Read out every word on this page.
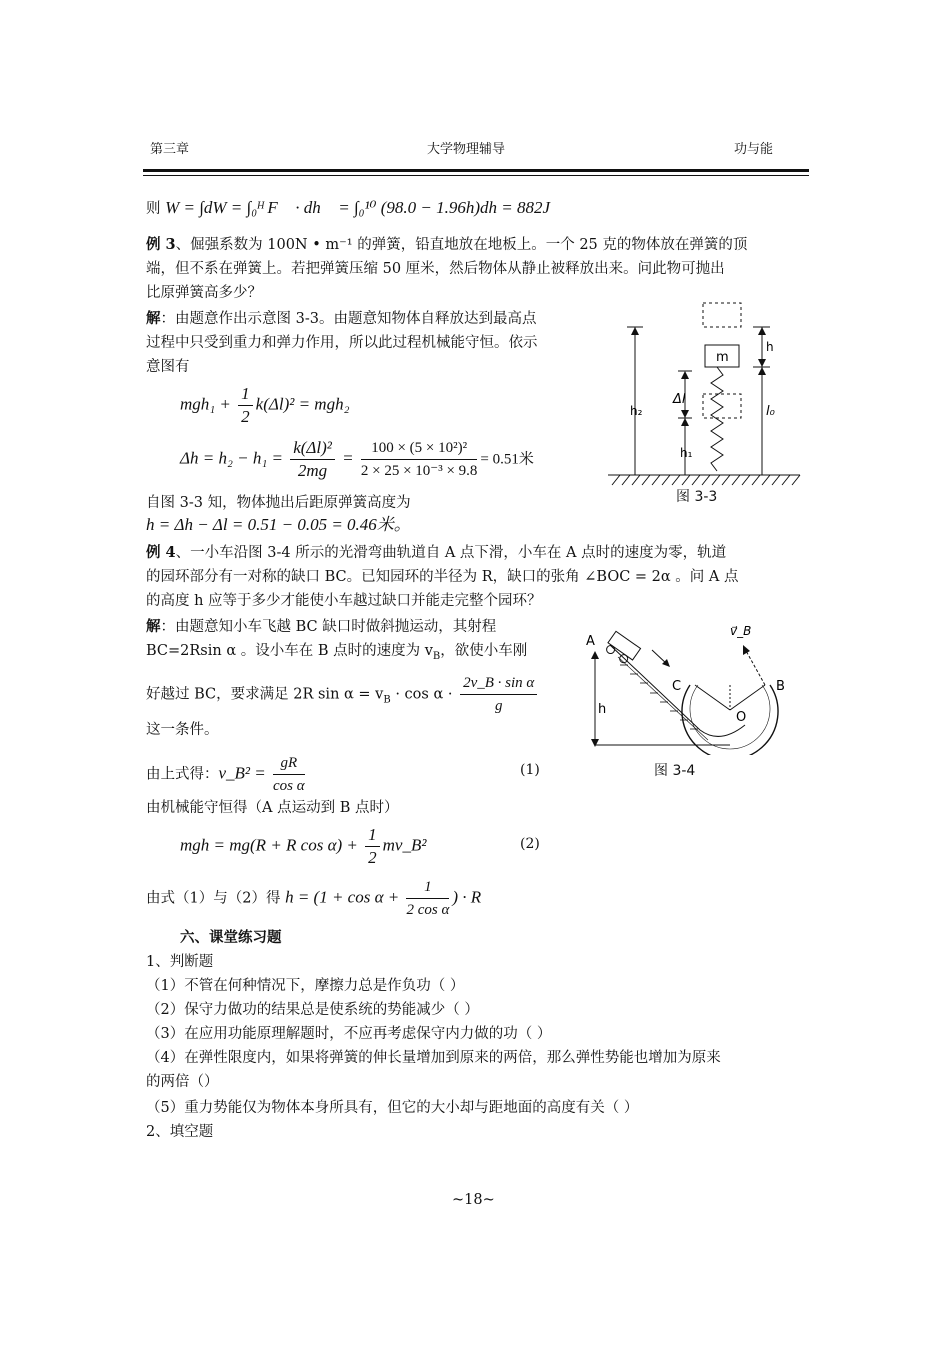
第三章	大学物理辅导	功与能
则 W = ∫dW = ∫₀ᴴ F⃗ · dh⃗ = ∫₀¹⁰ (98.0 − 1.96h)dh = 882J
例 3、倔强系数为 100N • m⁻¹ 的弹簧，铅直地放在地板上。一个 25 克的物体放在弹簧的顶
端，但不系在弹簧上。若把弹簧压缩 50 厘米，然后物体从静止被释放出来。问此物可抛出
比原弹簧高多少？
解：由题意作出示意图 3-3。由题意知物体自释放达到最高点
过程中只受到重力和弹力作用，所以此过程机械能守恒。依示
意图有
$mgh_1 + \frac{1}{2} k(\Delta l)^2 = mgh_2$
$\Delta h = h_2 - h_1 = \frac{\text{k(Δl)²}}{2mg} = \frac{\text{100 × (5 × 10²)²}}{\text{2 × 25 × 10⁻³ × 9.8}} = 0.51$米
自图 3-3 知，物体抛出后距原弹簧高度为
h = Δh − Δl = 0.51 − 0.05 = 0.46米。
m
h₂
Δl
h₁
h
l₀
图 3-3
例 4、一小车沿图 3-4 所示的光滑弯曲轨道自 A 点下滑，小车在 A 点时的速度为零，轨道
的园环部分有一对称的缺口 BC。已知园环的半径为 R，缺口的张角 ∠BOC = 2α 。问 A 点
的高度 h 应等于多少才能使小车越过缺口并能走完整个园环？
解：由题意知小车飞越 BC 缺口时做斜抛运动，其射程
BC=2Rsin α 。设小车在 B 点时的速度为 $v_B$，欲使小车刚
好越过 BC，要求满足 2R $\sin \alpha = v_B \cdot \cos \alpha \cdot \frac{\text{2v\_B · sin α}}{g}$
这一条件。
由上式得：v_B² = $\frac{gR}{\text{cos α}}$	(1)
由机械能守恒得（A 点运动到 B 点时）
mgh = mg(R + R $\cos \alpha) + \frac{1}{2}$ mv_B²	(2)
由式（1）与（2）得 $h = (1 + \cos \alpha + \frac{1}{\text{2 cos α}}$ ) · R
A
C	B
O
v⃗_B
h
图 3-4
六、课堂练习题
1、判断题
（1）不管在何种情况下，摩擦力总是作负功（ ）
（2）保守力做功的结果总是使系统的势能减少（ ）
（3）在应用功能原理解题时，不应再考虑保守内力做的功（ ）
（4）在弹性限度内，如果将弹簧的伸长量增加到原来的两倍，那么弹性势能也增加为原来
的两倍（）
（5）重力势能仅为物体本身所具有，但它的大小却与距地面的高度有关（ ）
2、填空题
~18~
